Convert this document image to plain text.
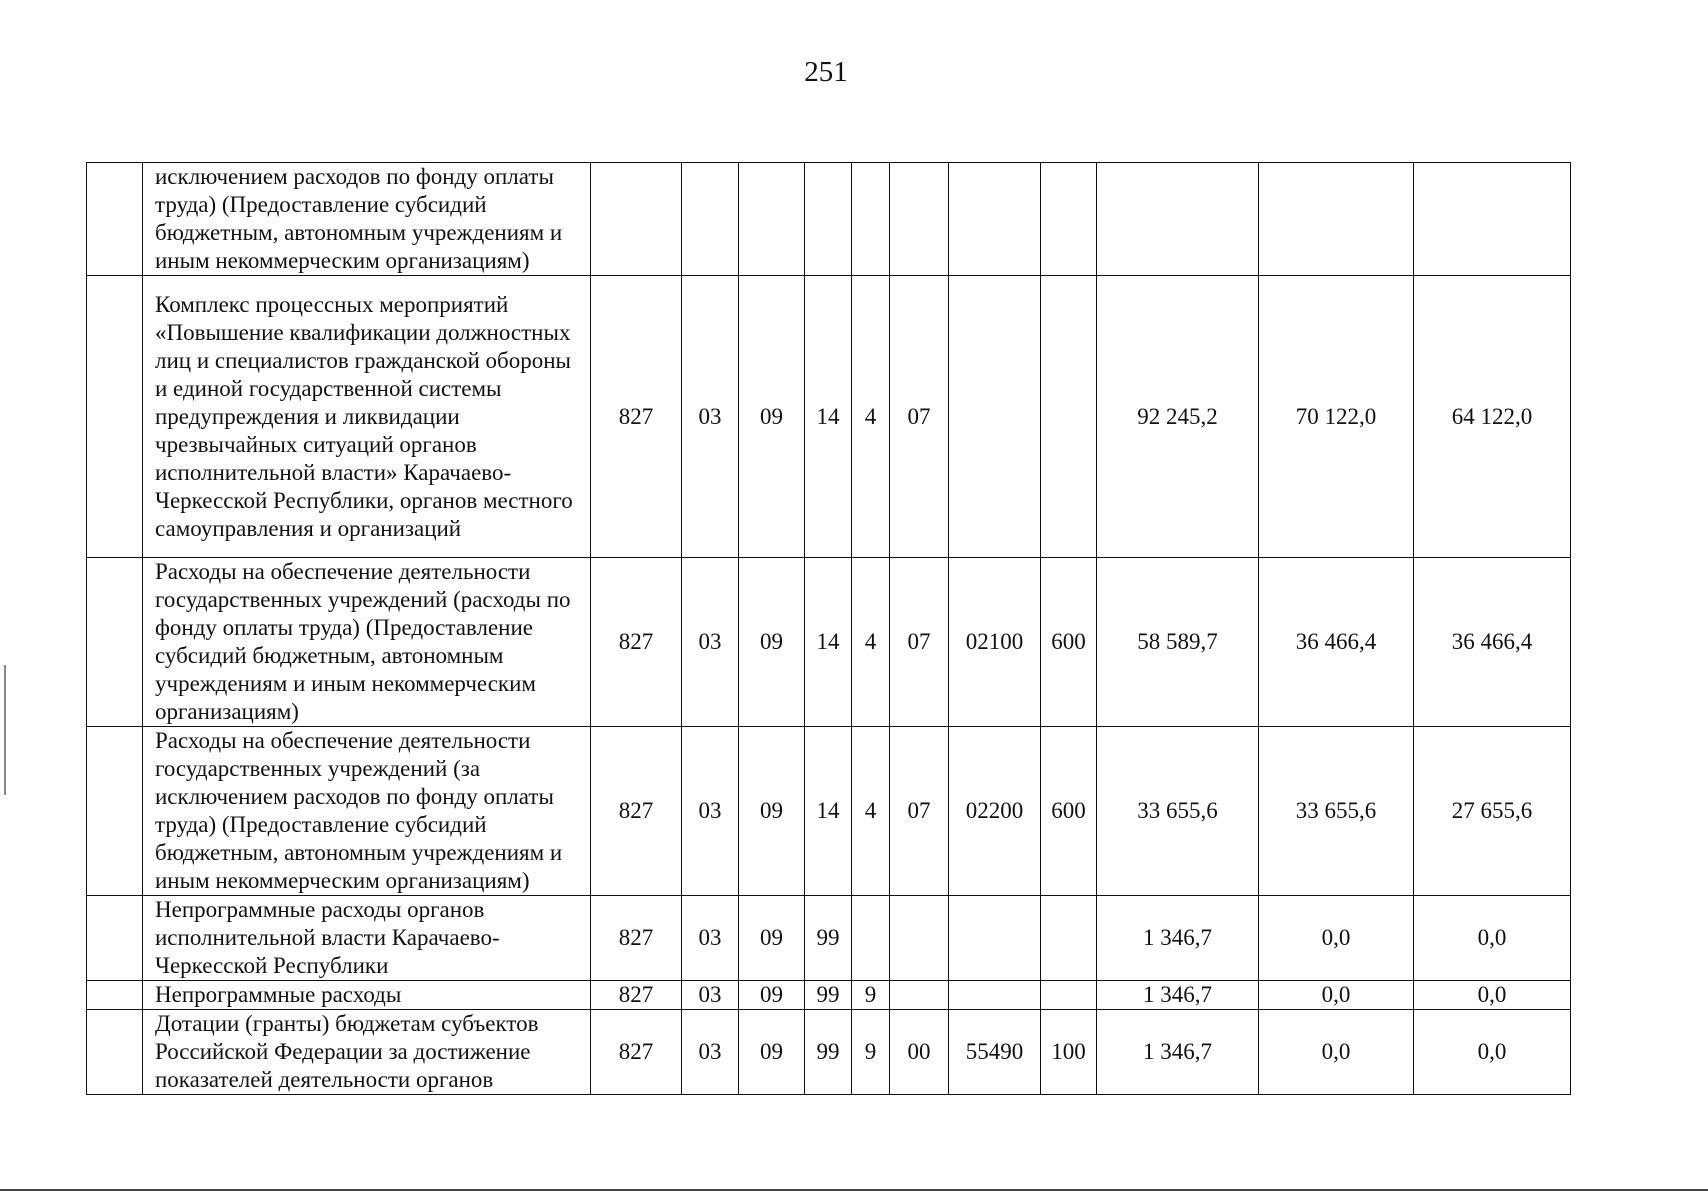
251
	исключением расходов по фонду оплаты труда) (Предоставление субсидий бюджетным, автономным учреждениям и иным некоммерческим организациям)											
	Комплекс процессных мероприятий «Повышение квалификации должностных лиц и специалистов гражданской обороны и единой государственной системы предупреждения и ликвидации чрезвычайных ситуаций органов исполнительной власти» Карачаево-Черкесской Республики, органов местного самоуправления и организаций	827	03	09	14	4	07			92 245,2	70 122,0	64 122,0
	Расходы на обеспечение деятельности государственных учреждений (расходы по фонду оплаты труда) (Предоставление субсидий бюджетным, автономным учреждениям и иным некоммерческим организациям)	827	03	09	14	4	07	02100	600	58 589,7	36 466,4	36 466,4
	Расходы на обеспечение деятельности государственных учреждений (за исключением расходов по фонду оплаты труда) (Предоставление субсидий бюджетным, автономным учреждениям и иным некоммерческим организациям)	827	03	09	14	4	07	02200	600	33 655,6	33 655,6	27 655,6
	Непрограммные расходы органов исполнительной власти Карачаево-Черкесской Республики	827	03	09	99					1 346,7	0,0	0,0
	Непрограммные расходы	827	03	09	99	9				1 346,7	0,0	0,0
	Дотации (гранты) бюджетам субъектов Российской Федерации за достижение показателей деятельности органов	827	03	09	99	9	00	55490	100	1 346,7	0,0	0,0
